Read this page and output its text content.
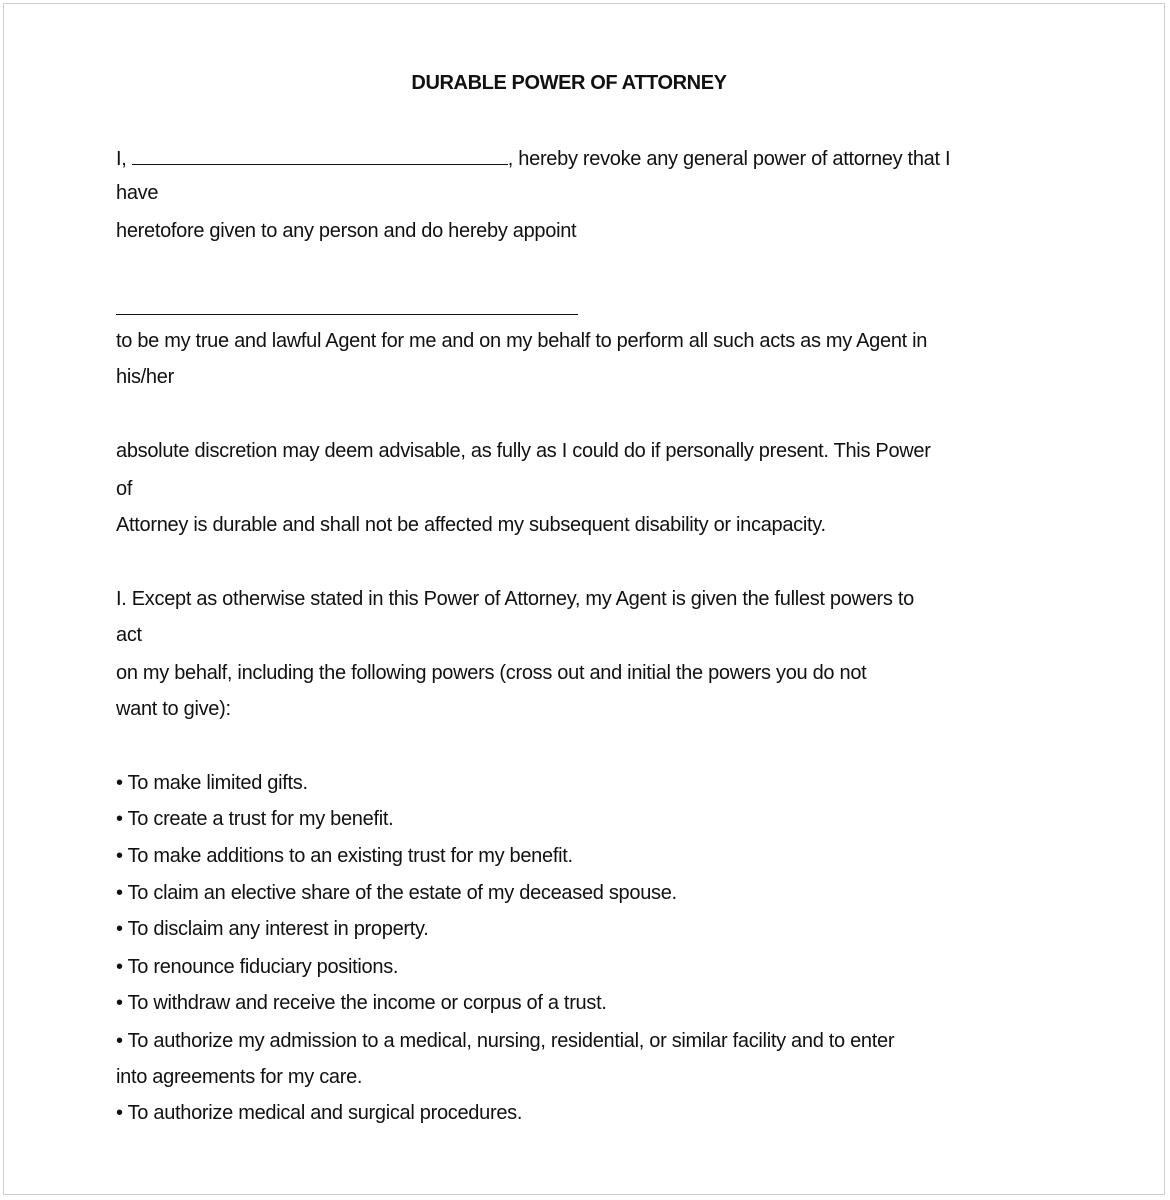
DURABLE POWER OF ATTORNEY
I,	, hereby revoke any general power of attorney that I
have
heretofore given to any person and do hereby appoint
to be my true and lawful Agent for me and on my behalf to perform all such acts as my Agent in
his/her
absolute discretion may deem advisable, as fully as I could do if personally present. This Power
of
Attorney is durable and shall not be affected my subsequent disability or incapacity.
I. Except as otherwise stated in this Power of Attorney, my Agent is given the fullest powers to
act
on my behalf, including the following powers (cross out and initial the powers you do not
want to give):
• To make limited gifts.
• To create a trust for my benefit.
• To make additions to an existing trust for my benefit.
• To claim an elective share of the estate of my deceased spouse.
• To disclaim any interest in property.
• To renounce fiduciary positions.
• To withdraw and receive the income or corpus of a trust.
• To authorize my admission to a medical, nursing, residential, or similar facility and to enter
into agreements for my care.
• To authorize medical and surgical procedures.
